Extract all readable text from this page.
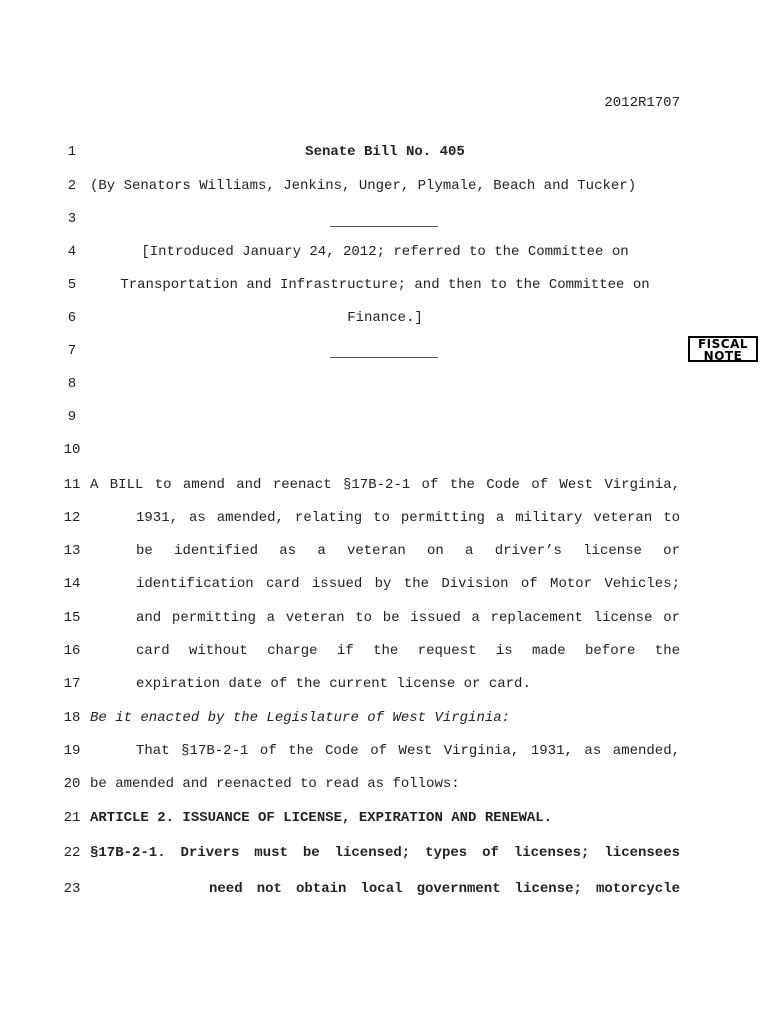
2012R1707
FISCAL
NOTE
1
2
3
4
5
6
7
8
9
10
11
12
13
14
15
16
17
18
19
20
21
22
23
Senate Bill No. 405
(By Senators Williams, Jenkins, Unger, Plymale, Beach and Tucker)
[Introduced January 24, 2012; referred to the Committee on
Transportation and Infrastructure; and then to the Committee on
Finance.]
A BILL to amend and reenact §17B-2-1 of the Code of West Virginia,
1931, as amended, relating to permitting a military veteran to
be identified as a veteran on a driver’s license or
identification card issued by the Division of Motor Vehicles;
and permitting a veteran to be issued a replacement license or
card without charge if the request is made before the
expiration date of the current license or card.
Be it enacted by the Legislature of West Virginia:
That §17B-2-1 of the Code of West Virginia, 1931, as amended,
be amended and reenacted to read as follows:
ARTICLE 2. ISSUANCE OF LICENSE, EXPIRATION AND RENEWAL.
§17B-2-1. Drivers must be licensed; types of licenses; licensees
need not obtain local government license; motorcycle
